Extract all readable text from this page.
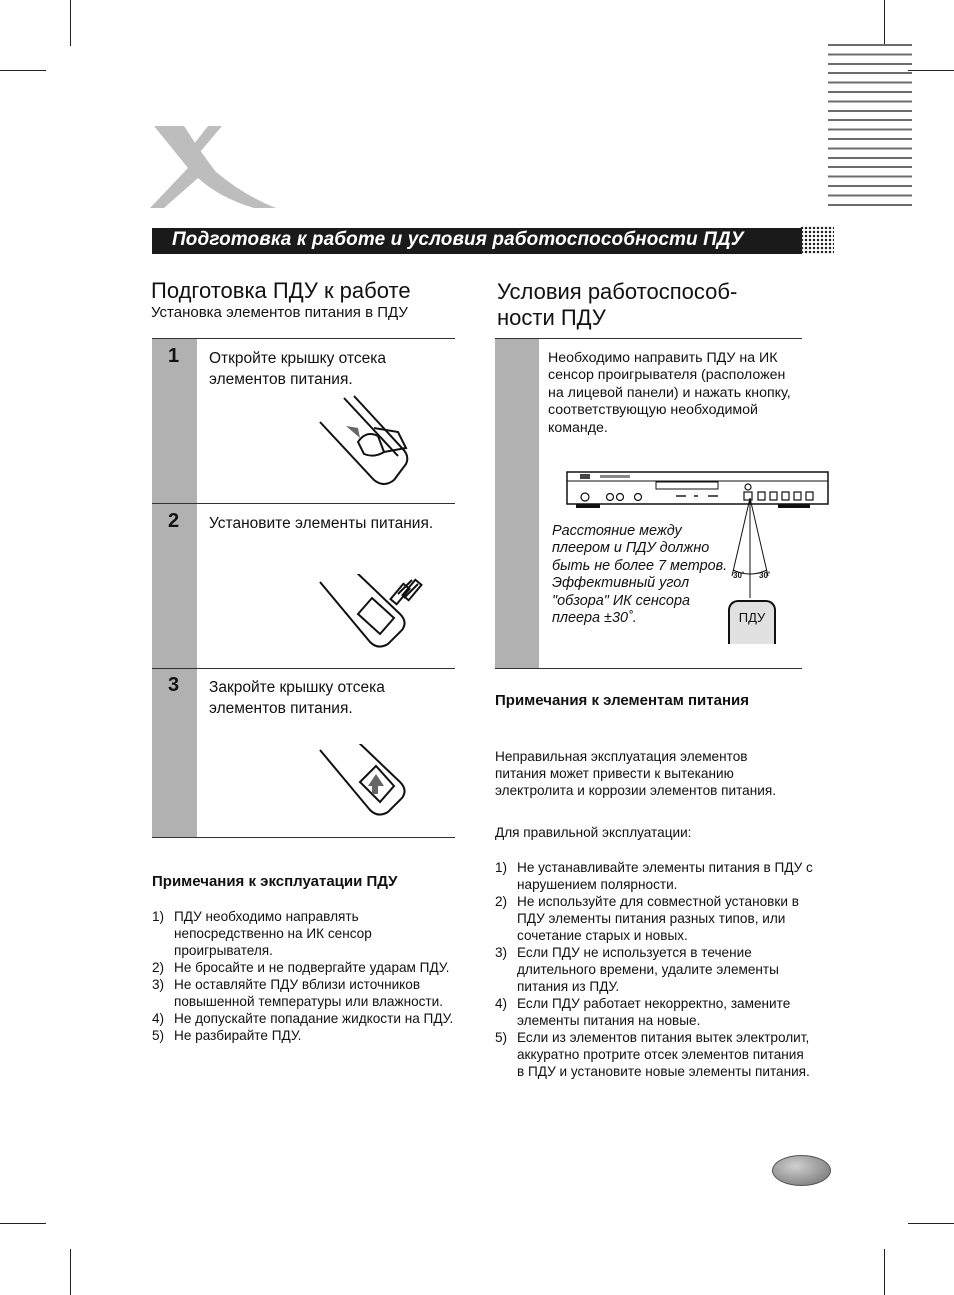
Подготовка к работе и условия работоспособности ПДУ
Подготовка ПДУ к работе
Установка элементов питания в ПДУ
1 Откройте крышку отсека элементов питания.
2 Установите элементы питания.
3 Закройте крышку отсека элементов питания.
Примечания к эксплуатации ПДУ
1) ПДУ необходимо направлять непосредственно на ИК сенсор проигрывателя.
2) Не бросайте и не подвергайте ударам ПДУ.
3) Не оставляйте ПДУ вблизи источников повышенной температуры или влажности.
4) Не допускайте попадание жидкости на ПДУ.
5) Не разбирайте ПДУ.
Условия работоспособ-
ности ПДУ
Необходимо направить ПДУ на ИК сенсор проигрывателя (расположен на лицевой панели) и нажать кнопку, соответствующую необходимой команде.
30˚ 30˚
Расстояние между плеером и ПДУ должно быть не более 7 метров. Эффективный угол "обзора" ИК сенсора плеера ±30˚.	ПДУ
Примечания к элементам питания
Неправильная эксплуатация элементов питания может привести к вытеканию электролита и коррозии элементов питания.
Для правильной эксплуатации:
1) Не устанавливайте элементы питания в ПДУ с нарушением полярности.
2) Не используйте для совместной установки в ПДУ элементы питания разных типов, или сочетание старых и новых.
3) Если ПДУ не используется в течение длительного времени, удалите элементы питания из ПДУ.
4) Если ПДУ работает некорректно, замените элементы питания на новые.
5) Если из элементов питания вытек электролит, аккуратно протрите отсек элементов питания в ПДУ и установите новые элементы питания.
